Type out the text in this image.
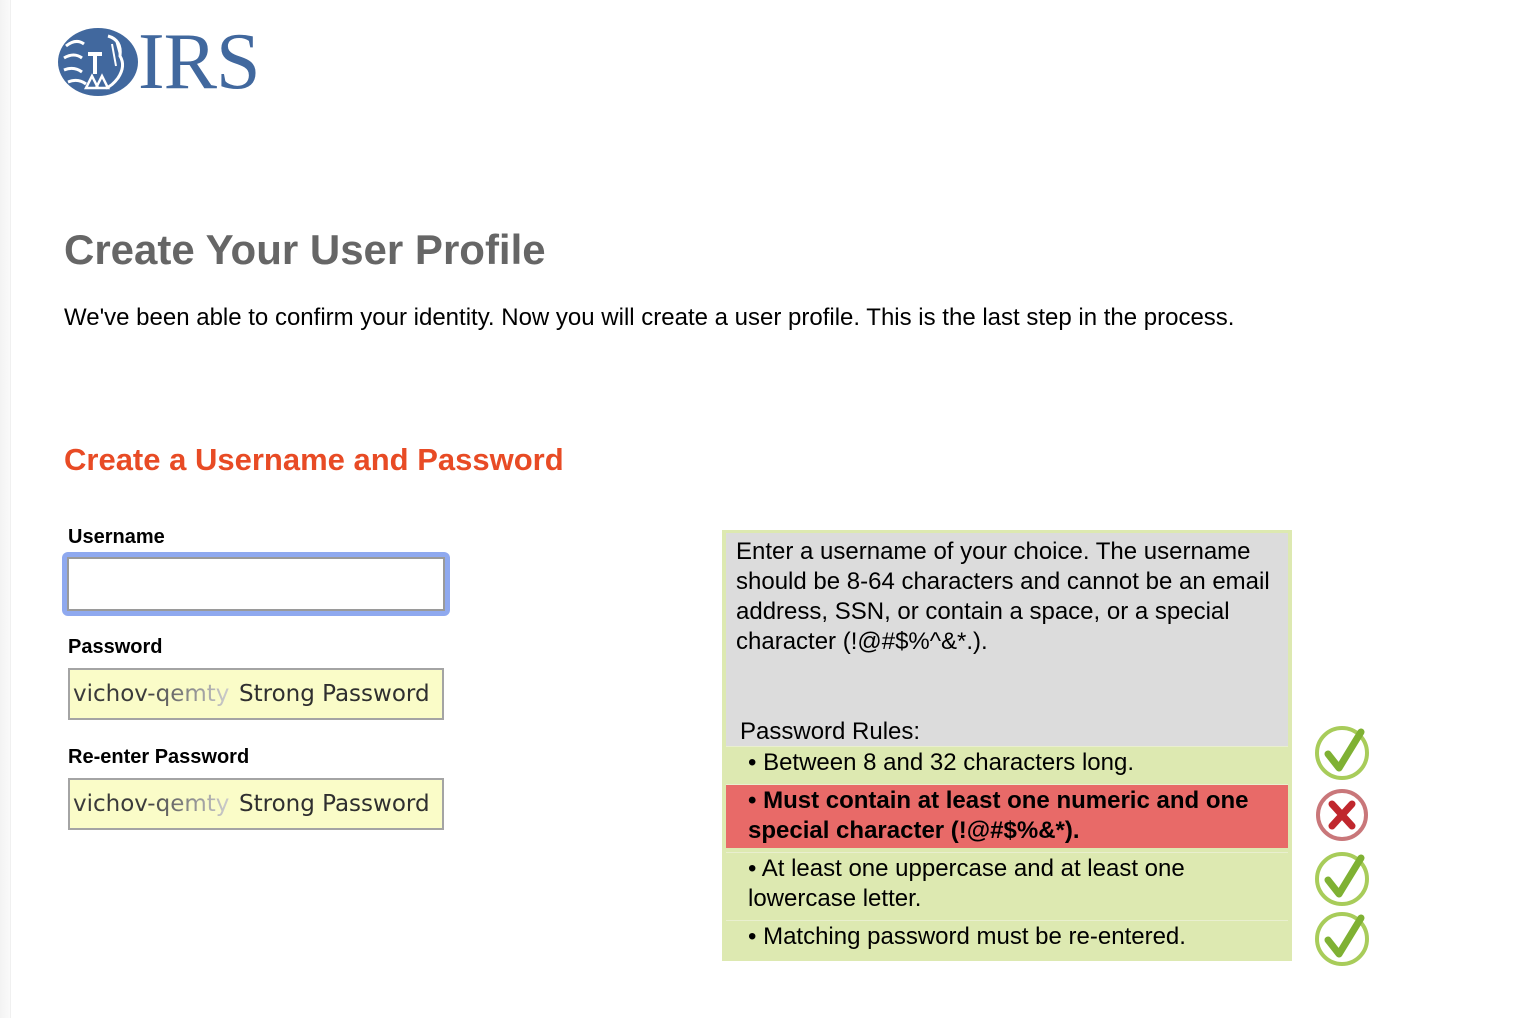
IRS
Create Your User Profile

We've been able to confirm your identity. Now you will create a user profile. This is the last step in the process.

Create a Username and Password
Username
Password
vichov-qemty Strong Password
Re-enter Password
vichov-qemty Strong Password

Enter a username of your choice. The username should be 8-64 characters and cannot be an email address, SSN, or contain a space, or a special character (!@#$%^&*.).

Password Rules:
• Between 8 and 32 characters long.
• Must contain at least one numeric and one special character (!@#$%&*).
• At least one uppercase and at least one lowercase letter.
• Matching password must be re-entered.
